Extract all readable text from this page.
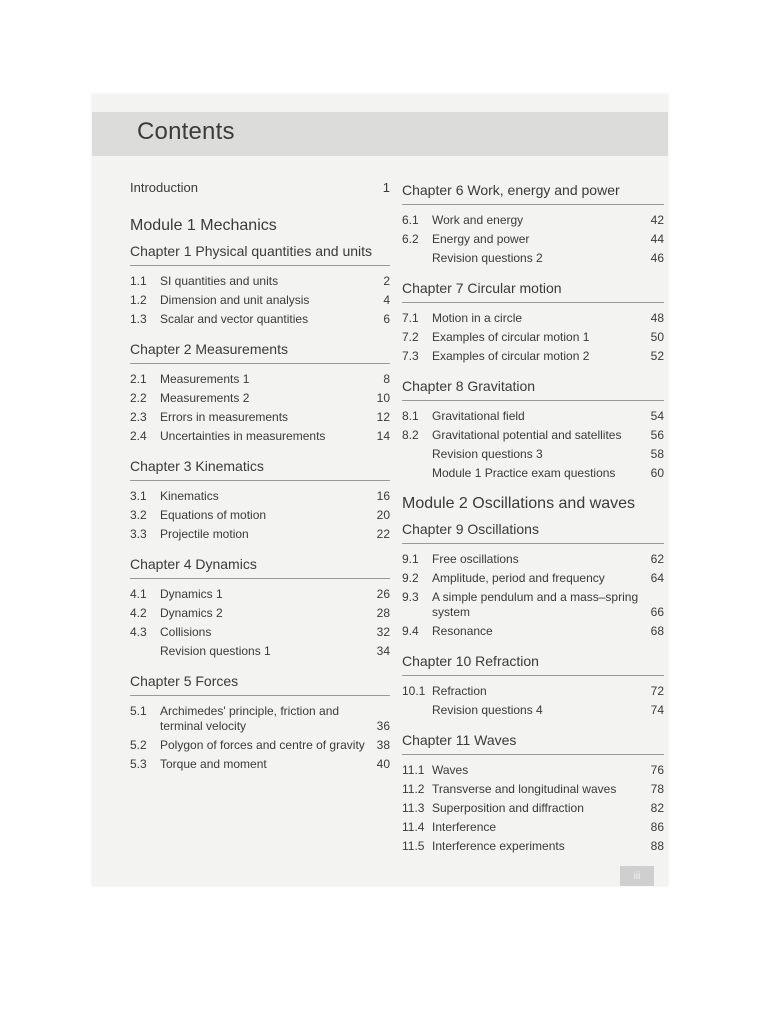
Contents
Introduction	1
Module 1 Mechanics
Chapter 1 Physical quantities and units
1.1	SI quantities and units	2
1.2	Dimension and unit analysis	4
1.3	Scalar and vector quantities	6
Chapter 2 Measurements
2.1	Measurements 1	8
2.2	Measurements 2	10
2.3	Errors in measurements	12
2.4	Uncertainties in measurements	14
Chapter 3 Kinematics
3.1	Kinematics	16
3.2	Equations of motion	20
3.3	Projectile motion	22
Chapter 4 Dynamics
4.1	Dynamics 1	26
4.2	Dynamics 2	28
4.3	Collisions	32
Revision questions 1	34
Chapter 5 Forces
5.1	Archimedes' principle, friction and terminal velocity	36
5.2	Polygon of forces and centre of gravity 38
5.3	Torque and moment	40
Chapter 6 Work, energy and power
6.1	Work and energy	42
6.2	Energy and power	44
Revision questions 2	46
Chapter 7 Circular motion
7.1	Motion in a circle	48
7.2	Examples of circular motion 1	50
7.3	Examples of circular motion 2	52
Chapter 8 Gravitation
8.1	Gravitational field	54
8.2	Gravitational potential and satellites	56
Revision questions 3	58
Module 1 Practice exam questions	60
Module 2 Oscillations and waves
Chapter 9 Oscillations
9.1	Free oscillations	62
9.2	Amplitude, period and frequency	64
9.3	A simple pendulum and a mass–spring system	66
9.4	Resonance	68
Chapter 10 Refraction
10.1 Refraction	72
Revision questions 4	74
Chapter 11 Waves
11.1 Waves	76
11.2 Transverse and longitudinal waves	78
11.3 Superposition and diffraction	82
11.4 Interference	86
11.5 Interference experiments	88
iii
